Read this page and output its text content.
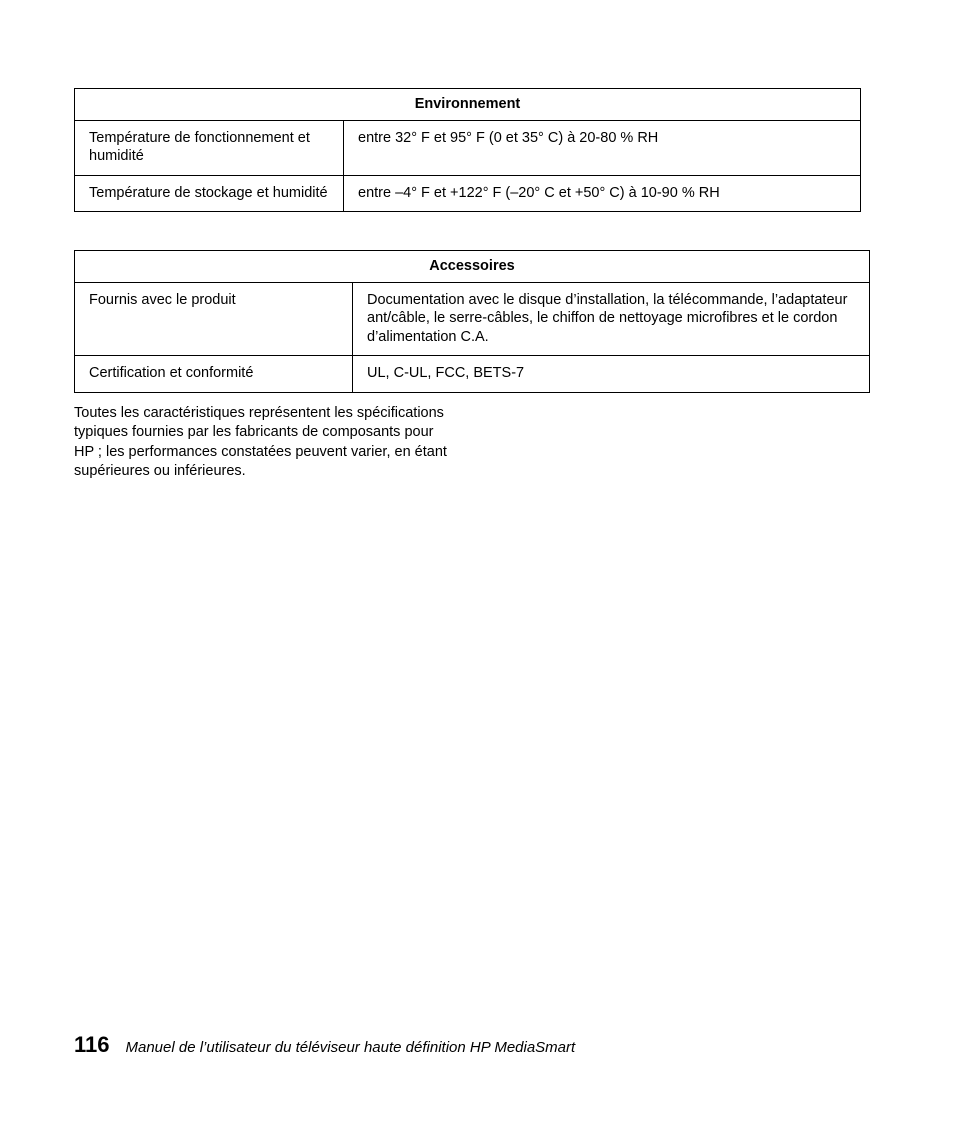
Environnement	
Température de fonctionnement et humidité	entre 32° F et 95° F (0 et 35° C) à 20-80 % RH
Température de stockage et humidité	entre –4° F et +122° F (–20° C et +50° C) à 10-90 % RH
Accessoires	
Fournis avec le produit	Documentation avec le disque d’installation, la télécommande, l’adaptateur ant/câble, le serre-câbles, le chiffon de nettoyage microfibres et le cordon d’alimentation C.A.
Certification et conformité	UL, C-UL, FCC, BETS-7

Toutes les caractéristiques représentent les spécifications typiques fournies par les fabricants de composants pour HP ; les performances constatées peuvent varier, en étant supérieures ou inférieures.

116 Manuel de l’utilisateur du téléviseur haute définition HP MediaSmart
